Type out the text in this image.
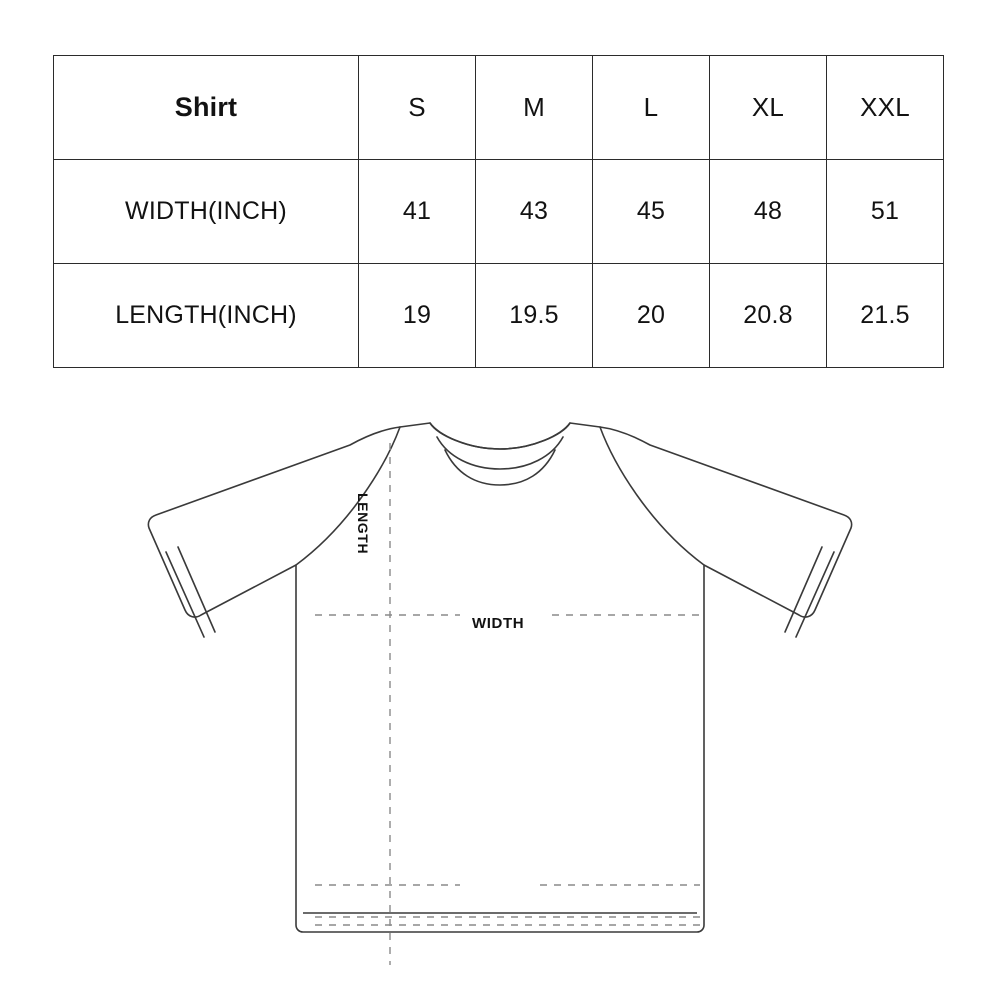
Shirt	S	M	L	XL	XXL
WIDTH(INCH)	41	43	45	48	51
LENGTH(INCH)	19	19.5	20	20.8	21.5
WIDTH
LENGTH
